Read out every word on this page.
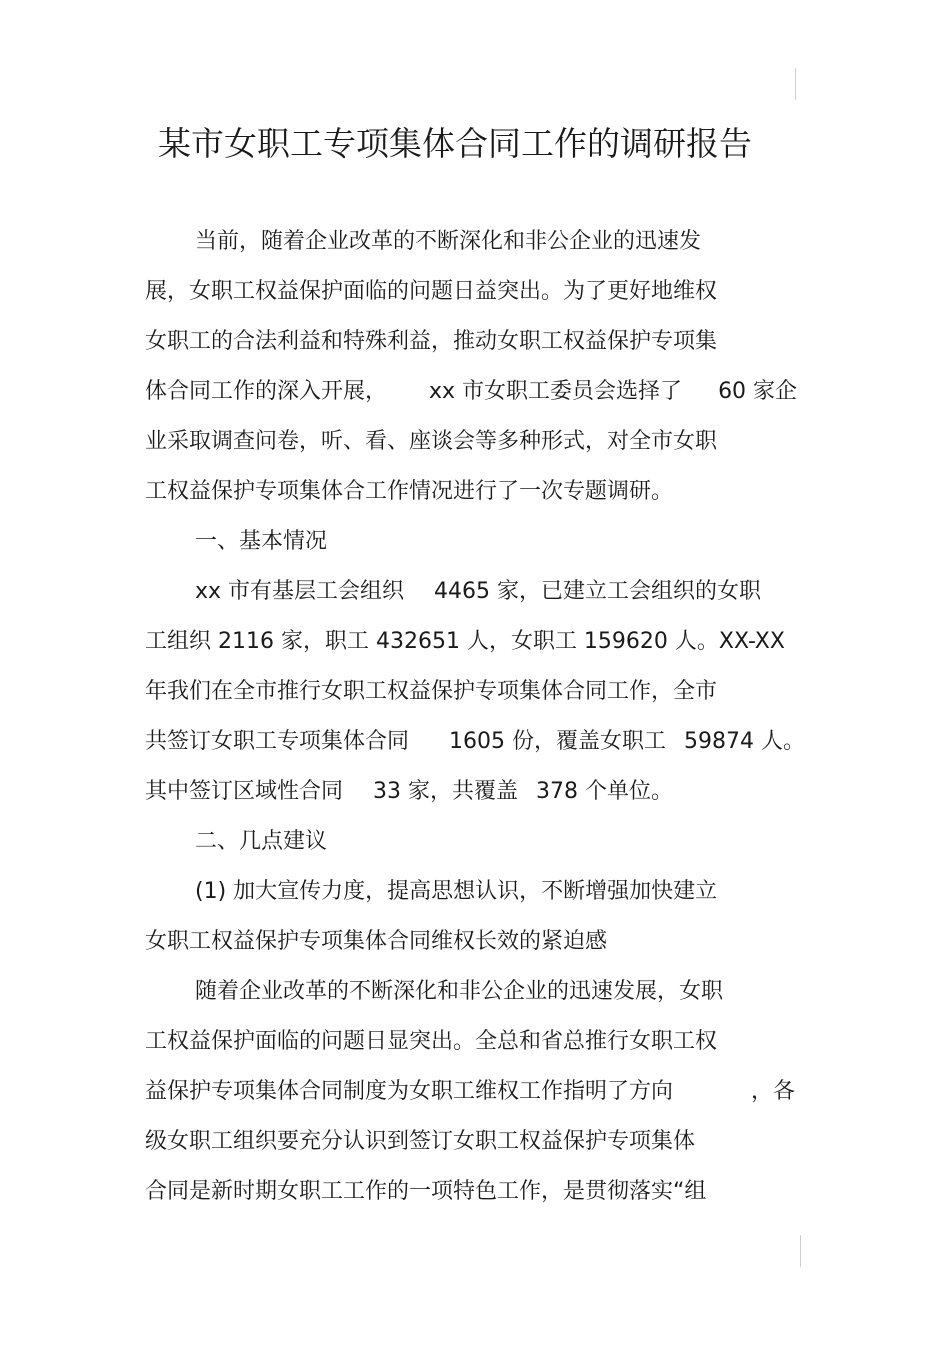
某市女职工专项集体合同工作的调研报告
当前，随着企业改革的不断深化和非公企业的迅速发
展，女职工权益保护面临的问题日益突出。为了更好地维权
女职工的合法利益和特殊利益，推动女职工权益保护专项集
体合同工作的深入开展， xx 市女职工委员会选择了 60 家企
业采取调查问卷，听、看、座谈会等多种形式，对全市女职
工权益保护专项集体合工作情况进行了一次专题调研。
一、基本情况
xx 市有基层工会组织 4465 家，已建立工会组织的女职
工组织 2116 家，职工 432651 人，女职工 159620 人。XX-XX
年我们在全市推行女职工权益保护专项集体合同工作，全市
共签订女职工专项集体合同 1605 份，覆盖女职工 59874 人。
其中签订区域性合同 33 家，共覆盖 378 个单位。
二、几点建议
(1) 加大宣传力度，提高思想认识，不断增强加快建立
女职工权益保护专项集体合同维权长效的紧迫感
随着企业改革的不断深化和非公企业的迅速发展，女职
工权益保护面临的问题日显突出。全总和省总推行女职工权
益保护专项集体合同制度为女职工维权工作指明了方向	，各
级女职工组织要充分认识到签订女职工权益保护专项集体
合同是新时期女职工工作的一项特色工作，是贯彻落实“组
